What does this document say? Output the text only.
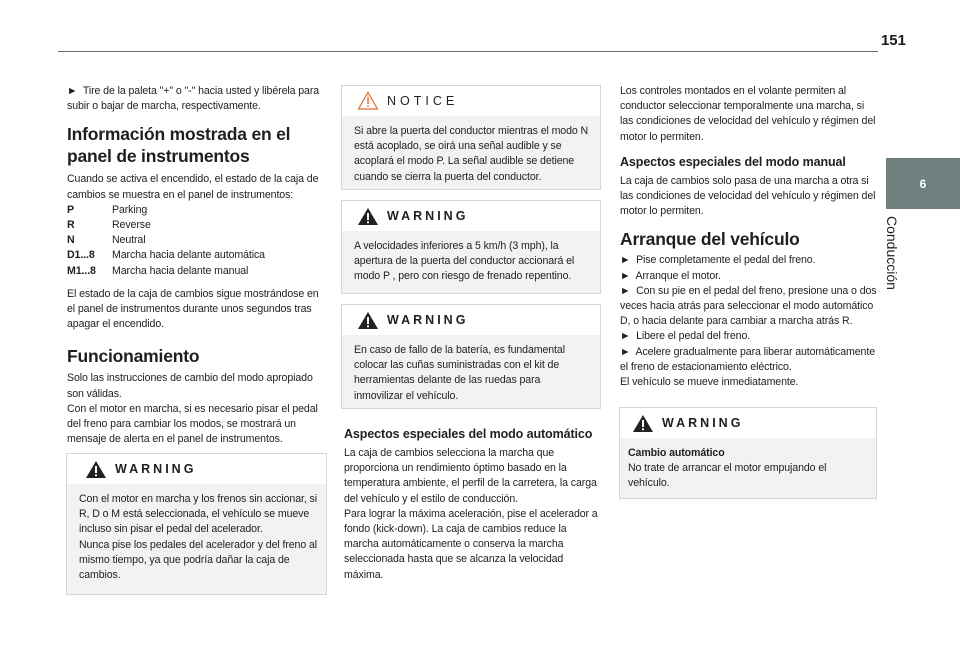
151
6
Conducción

► Tire de la paleta "+" o "-" hacia usted y libérela para subir o bajar de marcha, respectivamente.

Información mostrada en el panel de instrumentos

Cuando se activa el encendido, el estado de la caja de cambios se muestra en el panel de instrumentos:

P	Parking
R	Reverse
N	Neutral
D1...8	Marcha hacia delante automática
M1...8	Marcha hacia delante manual

El estado de la caja de cambios sigue mostrándose en el panel de instrumentos durante unos segundos tras apagar el encendido.

Funcionamiento

Solo las instrucciones de cambio del modo apropiado son válidas.

Con el motor en marcha, si es necesario pisar el pedal del freno para cambiar los modos, se mostrará un mensaje de alerta en el panel de instrumentos.

WARNING

Con el motor en marcha y los frenos sin accionar, si R, D o M está seleccionada, el vehículo se mueve incluso sin pisar el pedal del acelerador.

Nunca pise los pedales del acelerador y del freno al mismo tiempo, ya que podría dañar la caja de cambios.

NOTICE

Si abre la puerta del conductor mientras el modo N está acoplado, se oirá una señal audible y se acoplará el modo P. La señal audible se detiene cuando se cierra la puerta del conductor.

WARNING

A velocidades inferiores a 5 km/h (3 mph), la apertura de la puerta del conductor accionará el modo P , pero con riesgo de frenado repentino.

WARNING

En caso de fallo de la batería, es fundamental colocar las cuñas suministradas con el kit de herramientas delante de las ruedas para inmovilizar el vehículo.

Aspectos especiales del modo automático

La caja de cambios selecciona la marcha que proporciona un rendimiento óptimo basado en la temperatura ambiente, el perfil de la carretera, la carga del vehículo y el estilo de conducción.

Para lograr la máxima aceleración, pise el acelerador a fondo (kick-down). La caja de cambios reduce la marcha automáticamente o conserva la marcha seleccionada hasta que se alcanza la velocidad máxima.

Los controles montados en el volante permiten al conductor seleccionar temporalmente una marcha, si las condiciones de velocidad del vehículo y régimen del motor lo permiten.

Aspectos especiales del modo manual

La caja de cambios solo pasa de una marcha a otra si las condiciones de velocidad del vehículo y régimen del motor lo permiten.

Arranque del vehículo

► Pise completamente el pedal del freno.

► Arranque el motor.

► Con su pie en el pedal del freno, presione una o dos veces hacia atrás para seleccionar el modo automático D, o hacia delante para cambiar a marcha atrás R.

► Libere el pedal del freno.

► Acelere gradualmente para liberar automáticamente el freno de estacionamiento eléctrico.

El vehículo se mueve inmediatamente.

WARNING

Cambio automático

No trate de arrancar el motor empujando el vehículo.
